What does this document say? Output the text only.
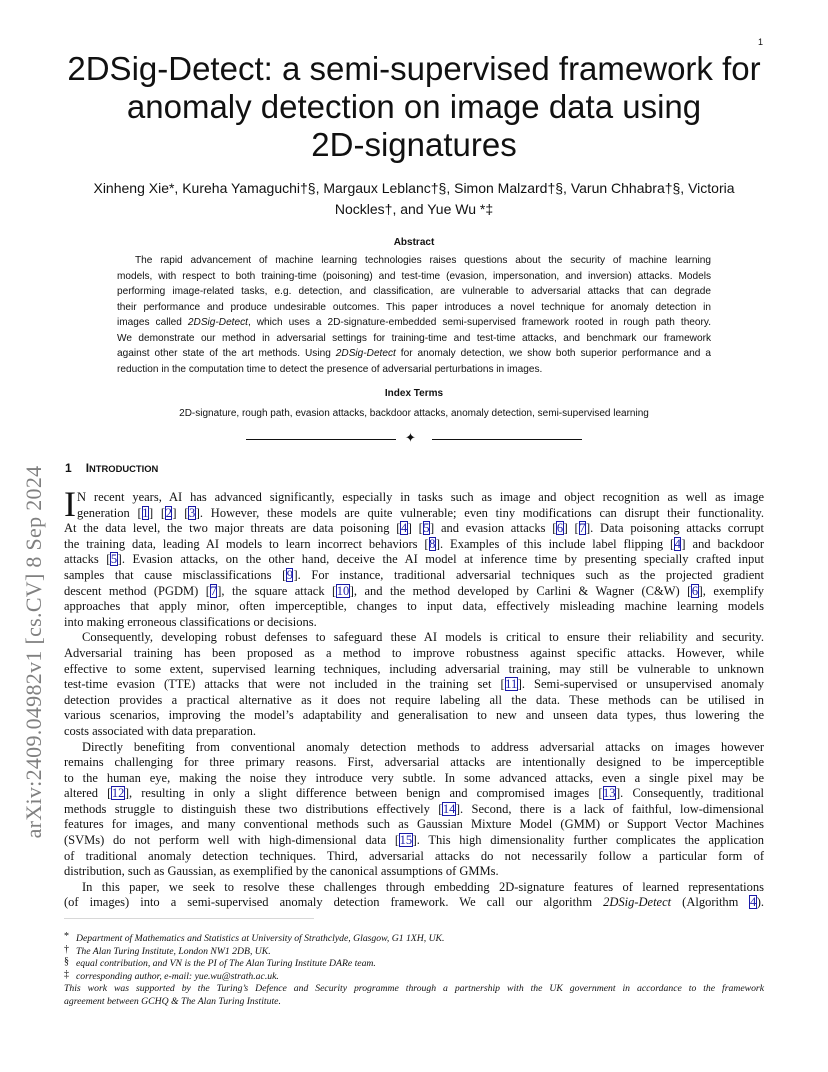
1
arXiv:2409.04982v1 [cs.CV] 8 Sep 2024
2DSig-Detect: a semi-supervised framework for
anomaly detection on image data using
2D-signatures
Xinheng Xie*, Kureha Yamaguchi†§, Margaux Leblanc†§, Simon Malzard†§, Varun Chhabra†§, Victoria
Nockles†, and Yue Wu *‡
Abstract
The rapid advancement of machine learning technologies raises questions about the security of machine learning
models, with respect to both training-time (poisoning) and test-time (evasion, impersonation, and inversion) attacks. Models
performing image-related tasks, e.g. detection, and classification, are vulnerable to adversarial attacks that can degrade
their performance and produce undesirable outcomes. This paper introduces a novel technique for anomaly detection in
images called 2DSig-Detect, which uses a 2D-signature-embedded semi-supervised framework rooted in rough path theory.
We demonstrate our method in adversarial settings for training-time and test-time attacks, and benchmark our framework
against other state of the art methods. Using 2DSig-Detect for anomaly detection, we show both superior performance and a
reduction in the computation time to detect the presence of adversarial perturbations in images.
Index Terms
2D-signature, rough path, evasion attacks, backdoor attacks, anomaly detection, semi-supervised learning
✦
1 INTRODUCTION
I N recent years, AI has advanced significantly, especially in tasks such as image and object recognition as well as image
generation [1] [2] [3]. However, these models are quite vulnerable; even tiny modifications can disrupt their functionality.
At the data level, the two major threats are data poisoning [4] [5] and evasion attacks [6] [7]. Data poisoning attacks corrupt
the training data, leading AI models to learn incorrect behaviors [8]. Examples of this include label flipping [4] and backdoor
attacks [5]. Evasion attacks, on the other hand, deceive the AI model at inference time by presenting specially crafted input
samples that cause misclassifications [9]. For instance, traditional adversarial techniques such as the projected gradient
descent method (PGDM) [7], the square attack [10], and the method developed by Carlini & Wagner (C&W) [6], exemplify
approaches that apply minor, often imperceptible, changes to input data, effectively misleading machine learning models
into making erroneous classifications or decisions.
Consequently, developing robust defenses to safeguard these AI models is critical to ensure their reliability and security.
Adversarial training has been proposed as a method to improve robustness against specific attacks. However, while
effective to some extent, supervised learning techniques, including adversarial training, may still be vulnerable to unknown
test-time evasion (TTE) attacks that were not included in the training set [11]. Semi-supervised or unsupervised anomaly
detection provides a practical alternative as it does not require labeling all the data. These methods can be utilised in
various scenarios, improving the model’s adaptability and generalisation to new and unseen data types, thus lowering the
costs associated with data preparation.
Directly benefiting from conventional anomaly detection methods to address adversarial attacks on images however
remains challenging for three primary reasons. First, adversarial attacks are intentionally designed to be imperceptible
to the human eye, making the noise they introduce very subtle. In some advanced attacks, even a single pixel may be
altered [12], resulting in only a slight difference between benign and compromised images [13]. Consequently, traditional
methods struggle to distinguish these two distributions effectively [14]. Second, there is a lack of faithful, low-dimensional
features for images, and many conventional methods such as Gaussian Mixture Model (GMM) or Support Vector Machines
(SVMs) do not perform well with high-dimensional data [15]. This high dimensionality further complicates the application
of traditional anomaly detection techniques. Third, adversarial attacks do not necessarily follow a particular form of
distribution, such as Gaussian, as exemplified by the canonical assumptions of GMMs.
In this paper, we seek to resolve these challenges through embedding 2D-signature features of learned representations
(of images) into a semi-supervised anomaly detection framework. We call our algorithm 2DSig-Detect (Algorithm 4).
* Department of Mathematics and Statistics at University of Strathclyde, Glasgow, G1 1XH, UK.
† The Alan Turing Institute, London NW1 2DB, UK.
§ equal contribution, and VN is the PI of The Alan Turing Institute DARe team.
‡ corresponding author, e-mail: yue.wu@strath.ac.uk.
This work was supported by the Turing’s Defence and Security programme through a partnership with the UK government in accordance to the framework
agreement between GCHQ & The Alan Turing Institute.
